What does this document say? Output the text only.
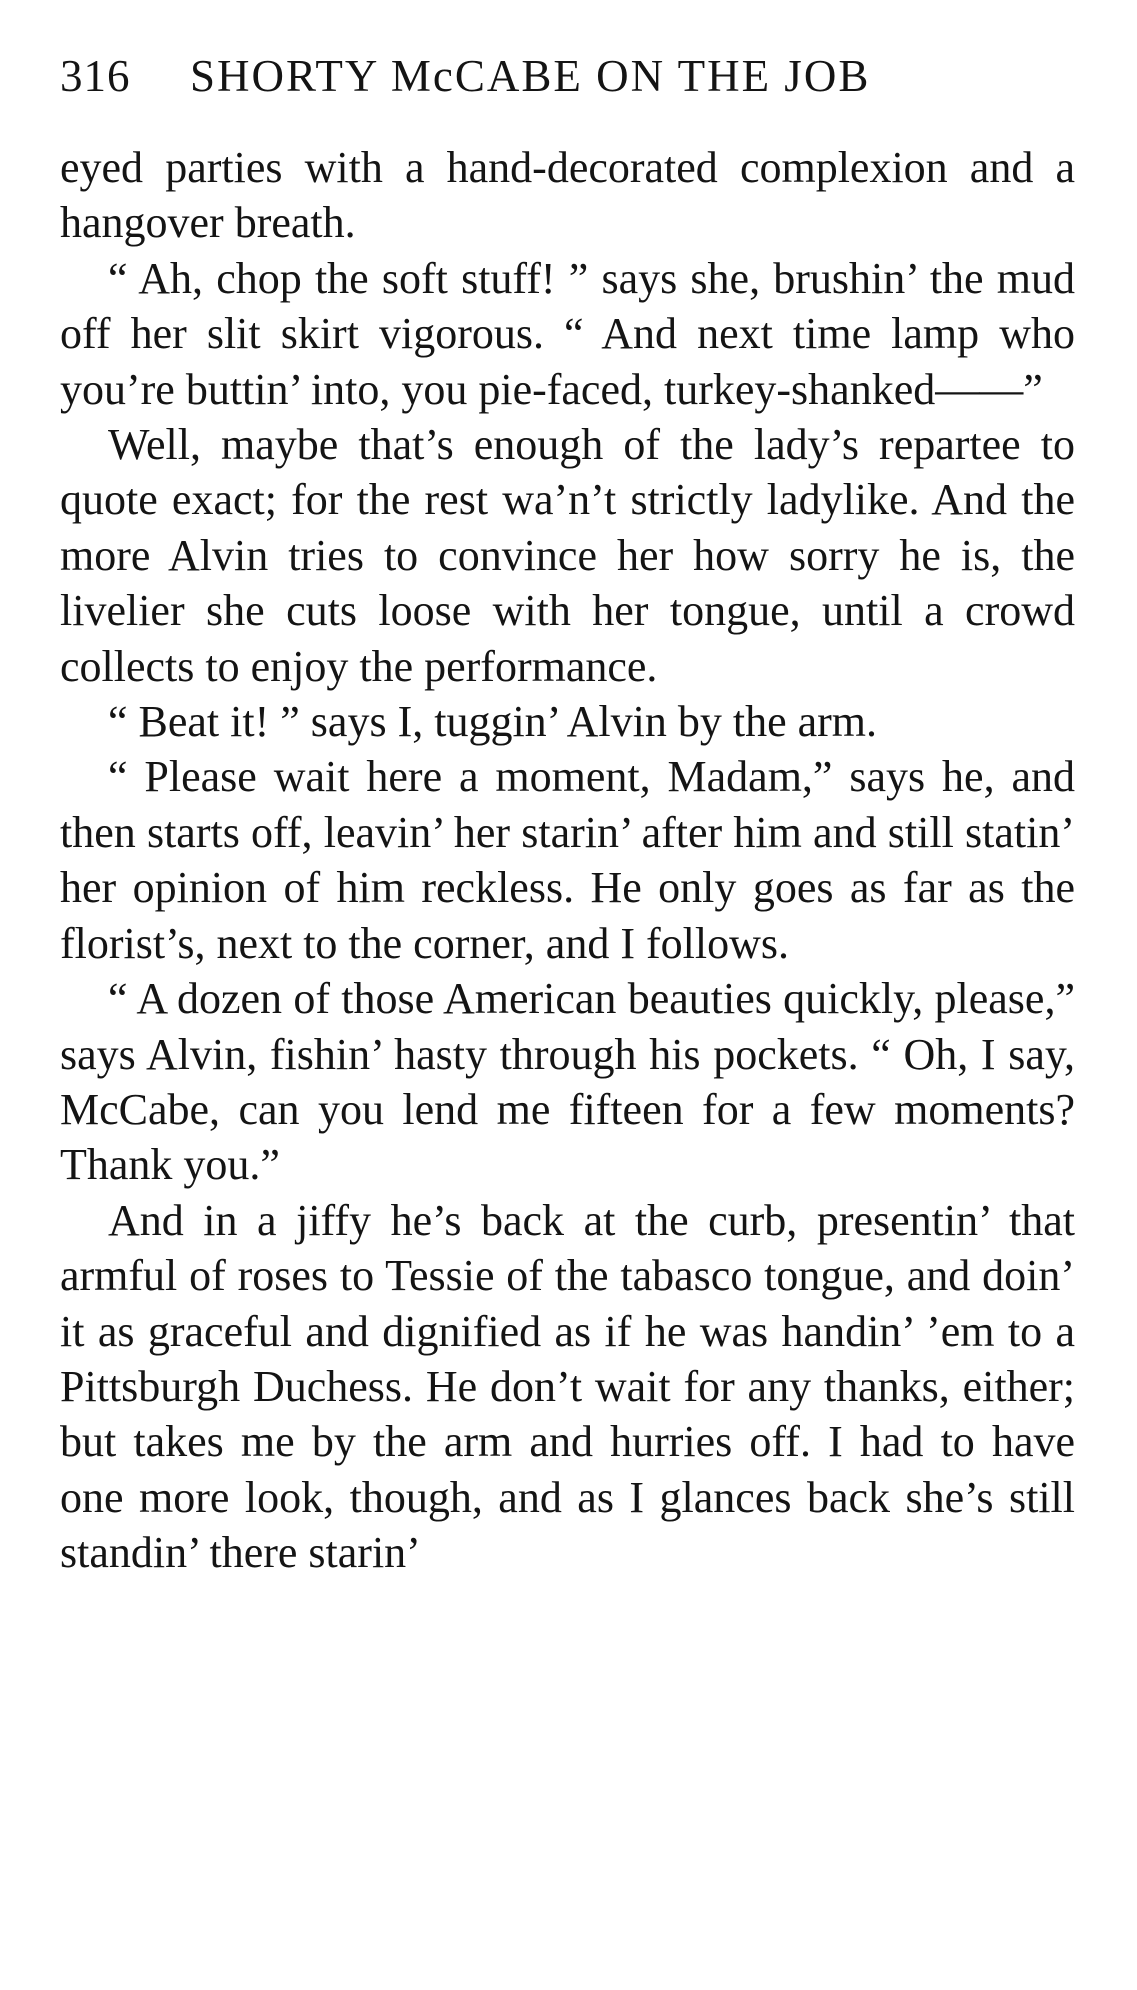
316	SHORTY McCABE ON THE JOB

eyed parties with a hand-decorated complexion and a hangover breath.

“ Ah, chop the soft stuff! ” says she, brushin’ the mud off her slit skirt vigorous. “ And next time lamp who you’re buttin’ into, you pie-faced, turkey-shanked——”

Well, maybe that’s enough of the lady’s repartee to quote exact; for the rest wa’n’t strictly ladylike. And the more Alvin tries to convince her how sorry he is, the livelier she cuts loose with her tongue, until a crowd collects to enjoy the performance.

“ Beat it! ” says I, tuggin’ Alvin by the arm.

“ Please wait here a moment, Madam,” says he, and then starts off, leavin’ her starin’ after him and still statin’ her opinion of him reckless. He only goes as far as the florist’s, next to the corner, and I follows.

“ A dozen of those American beauties quickly, please,” says Alvin, fishin’ hasty through his pockets. “ Oh, I say, McCabe, can you lend me fifteen for a few moments? Thank you.”

And in a jiffy he’s back at the curb, presentin’ that armful of roses to Tessie of the tabasco tongue, and doin’ it as graceful and dignified as if he was handin’ ’em to a Pittsburgh Duchess. He don’t wait for any thanks, either; but takes me by the arm and hurries off. I had to have one more look, though, and as I glances back she’s still standin’ there starin’
